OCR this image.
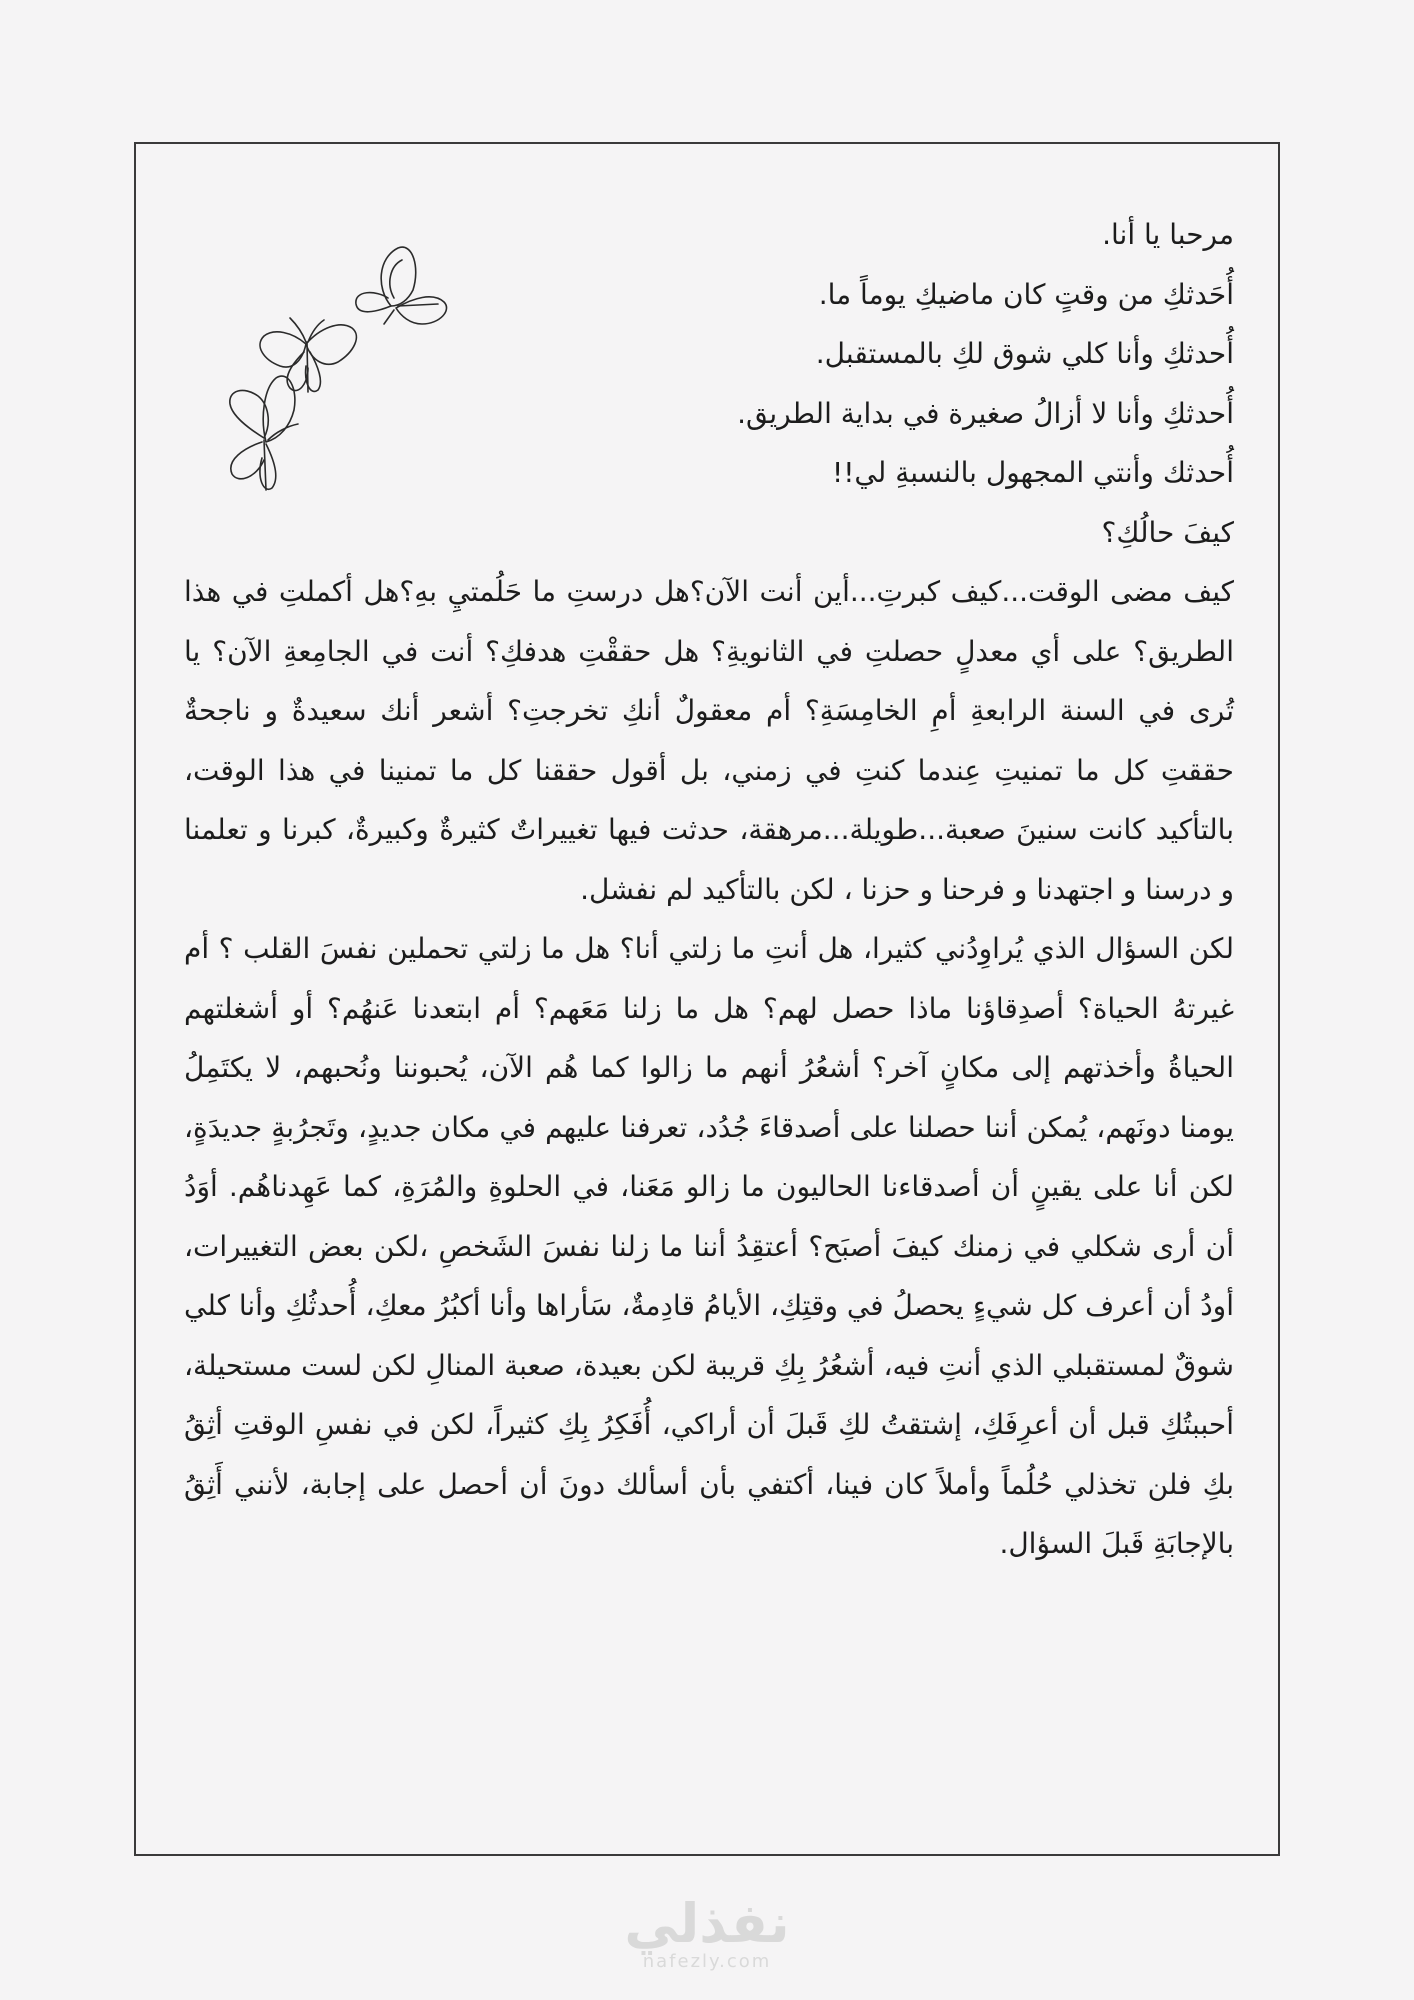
مرحبا يا أنا.

أُحَدثكِ من وقتٍ كان ماضيكِ يوماً ما.

أُحدثكِ وأنا كلي شوق لكِ بالمستقبل.

أُحدثكِ وأنا لا أزالُ صغيرة في بداية الطريق.

أُحدثك وأنتي المجهول بالنسبةِ لي!!

كيفَ حالُكِ؟

كيف مضى الوقت...كيف كبرتِ...أين أنت الآن؟هل درستِ ما حَلُمتيِ بهِ؟هل أكملتِ في هذا الطريق؟ على أي معدلٍ حصلتِ في الثانويةِ؟ هل حققْتِ هدفكِ؟ أنت في الجامِعةِ الآن؟ يا تُرى في السنة الرابعةِ أمِ الخامِسَةِ؟ أم معقولٌ أنكِ تخرجتِ؟ أشعر أنك سعيدةٌ و ناجحةٌ حققتِ كل ما تمنيتِ عِندما كنتِ في زمني، بل أقول حققنا كل ما تمنينا في هذا الوقت، بالتأكيد كانت سنينَ صعبة...طويلة...مرهقة، حدثت فيها تغييراتٌ كثيرةٌ وكبيرةٌ، كبرنا و تعلمنا و درسنا و اجتهدنا و فرحنا و حزنا ، لكن بالتأكيد لم نفشل.

لكن السؤال الذي يُراوِدُني كثيرا، هل أنتِ ما زلتي أنا؟ هل ما زلتي تحملين نفسَ القلب ؟ أم غيرتهُ الحياة؟ أصدِقاؤنا ماذا حصل لهم؟ هل ما زلنا مَعَهم؟ أم ابتعدنا عَنهُم؟ أو أشغلتهم الحياةُ وأخذتهم إلى مكانٍ آخر؟ أشعُرُ أنهم ما زالوا كما هُم الآن، يُحبوننا ونُحبهم، لا يكتَمِلُ يومنا دونَهم، يُمكن أننا حصلنا على أصدقاءَ جُدُد، تعرفنا عليهم في مكان جديدٍ، وتَجرُبةٍ جديدَةٍ، لكن أنا على يقينٍ أن أصدقاءنا الحاليون ما زالو مَعَنا، في الحلوةِ والمُرَةِ، كما عَهِدناهُم. أوَدُ أن أرى شكلي في زمنك كيفَ أصبَح؟ أعتقِدُ أننا ما زلنا نفسَ الشَخصِ ،لكن بعض التغييرات، أودُ أن أعرف كل شيءٍ يحصلُ في وقتِكِ، الأيامُ قادِمةٌ، سَأراها وأنا أكبُرُ معكِ، أُحدثُكِ وأنا كلي شوقٌ لمستقبلي الذي أنتِ فيه، أشعُرُ بِكِ قريبة لكن بعيدة، صعبة المنالِ لكن لست مستحيلة، أحببتُكِ قبل أن أعرِفَكِ، إشتقتُ لكِ قَبلَ أن أراكي، أُفَكِرُ بِكِ كثيراً، لكن في نفسِ الوقتِ أثِقُ بكِ فلن تخذلي حُلُماً وأملاً كان فينا، أكتفي بأن أسألك دونَ أن أحصل على إجابة، لأنني أَثِقُ بالإجابَةِ قَبلَ السؤال.

نفذلي
nafezly.com
